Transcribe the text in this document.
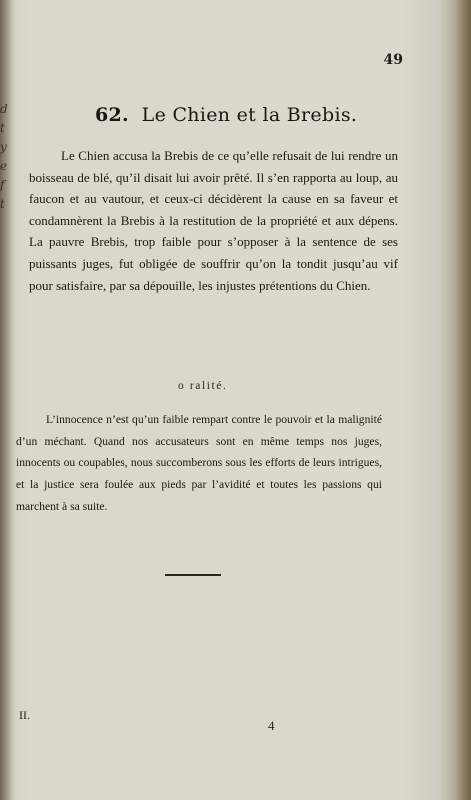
d
t
y
e
f
t
49
62. Le Chien et la Brebis.

Le Chien accusa la Brebis de ce qu’elle refusait de lui rendre un boisseau de blé, qu’il disait lui avoir prêté. Il s’en rapporta au loup, au faucon et au vautour, et ceux-ci décidèrent la cause en sa faveur et condamnèrent la Brebis à la restitution de la propriété et aux dépens. La pauvre Brebis, trop faible pour s’opposer à la sentence de ses puissants juges, fut obligée de souffrir qu’on la tondit jusqu’au vif pour satisfaire, par sa dépouille, les injustes prétentions du Chien.

o ralité.

L’innocence n’est qu’un faible rempart contre le pouvoir et la malignité d’un méchant. Quand nos accusateurs sont en même temps nos juges, innocents ou coupables, nous succomberons sous les efforts de leurs intrigues, et la justice sera foulée aux pieds par l’avidité et toutes les passions qui marchent à sa suite.

II.
4
